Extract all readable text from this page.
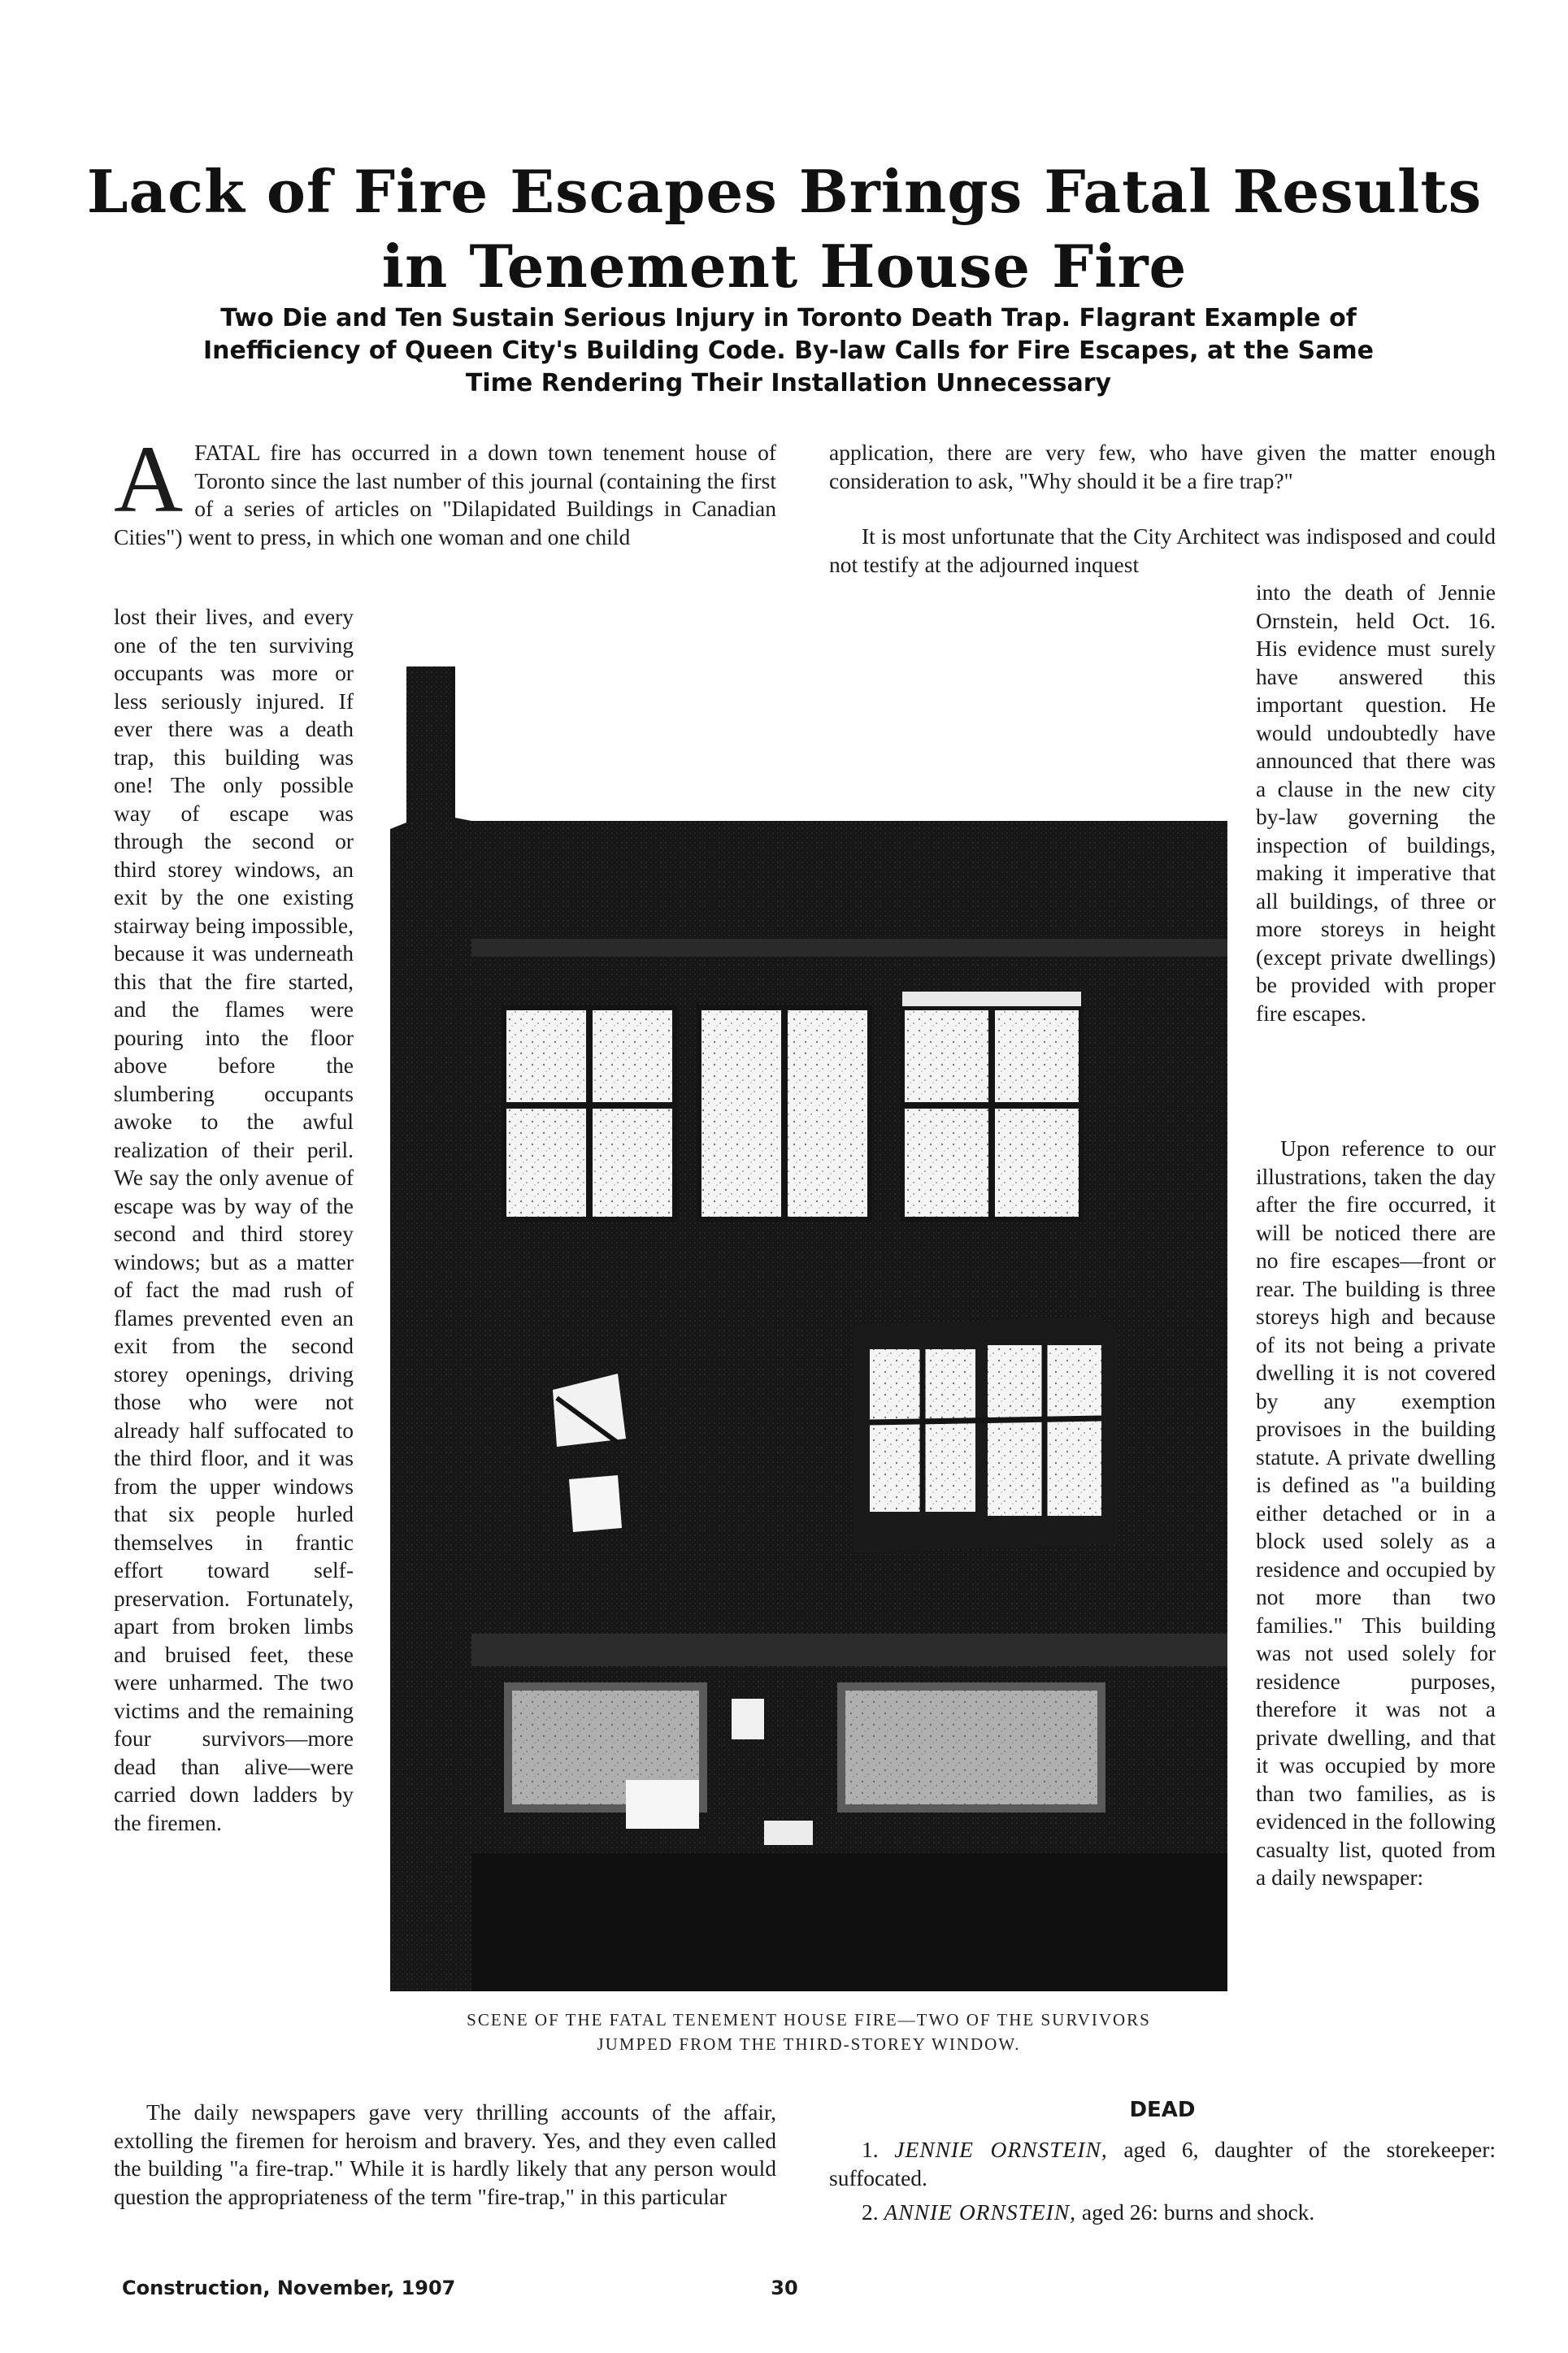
Lack of Fire Escapes Brings Fatal Results in Tenement House Fire

Two Die and Ten Sustain Serious Injury in Toronto Death Trap. Flagrant Example of Inefficiency of Queen City's Building Code. By-law Calls for Fire Escapes, at the Same Time Rendering Their Installation Unnecessary

AFATAL fire has occurred in a down town tenement house of Toronto since the last number of this journal (containing the first of a series of articles on "Dilapidated Buildings in Canadian Cities") went to press, in which one woman and one child

lost their lives, and every one of the ten surviving occupants was more or less seriously injured. If ever there was a death trap, this building was one! The only possible way of escape was through the second or third storey windows, an exit by the one existing stairway being impossible, because it was underneath this that the fire started, and the flames were pouring into the floor above before the slumbering occupants awoke to the awful realization of their peril. We say the only avenue of escape was by way of the second and third storey windows; but as a matter of fact the mad rush of flames prevented even an exit from the second storey openings, driving those who were not already half suffocated to the third floor, and it was from the upper windows that six people hurled themselves in frantic effort toward self-preservation. Fortunately, apart from broken limbs and bruised feet, these were unharmed. The two victims and the remaining four survivors—more dead than alive—were carried down ladders by the firemen.

SCENE OF THE FATAL TENEMENT HOUSE FIRE—TWO OF THE SURVIVORS
JUMPED FROM THE THIRD-STOREY WINDOW.

The daily newspapers gave very thrilling accounts of the affair, extolling the firemen for heroism and bravery. Yes, and they even called the building "a fire-trap." While it is hardly likely that any person would question the appropriateness of the term "fire-trap," in this particular

application, there are very few, who have given the matter enough consideration to ask, "Why should it be a fire trap?"

It is most unfortunate that the City Architect was indisposed and could not testify at the adjourned inquest

into the death of Jennie Ornstein, held Oct. 16. His evidence must surely have answered this important question. He would undoubtedly have announced that there was a clause in the new city by-law governing the inspection of buildings, making it imperative that all buildings, of three or more storeys in height (except private dwellings) be provided with proper fire escapes.

Upon reference to our illustrations, taken the day after the fire occurred, it will be noticed there are no fire escapes—front or rear. The building is three storeys high and because of its not being a private dwelling it is not covered by any exemption provisoes in the building statute. A private dwelling is defined as "a building either detached or in a block used solely as a residence and occupied by not more than two families." This building was not used solely for residence purposes, therefore it was not a private dwelling, and that it was occupied by more than two families, as is evidenced in the following casualty list, quoted from a daily newspaper:

DEAD

1. JENNIE ORNSTEIN, aged 6, daughter of the storekeeper: suffocated.

2. ANNIE ORNSTEIN, aged 26: burns and shock.

Construction, November, 1907	30
